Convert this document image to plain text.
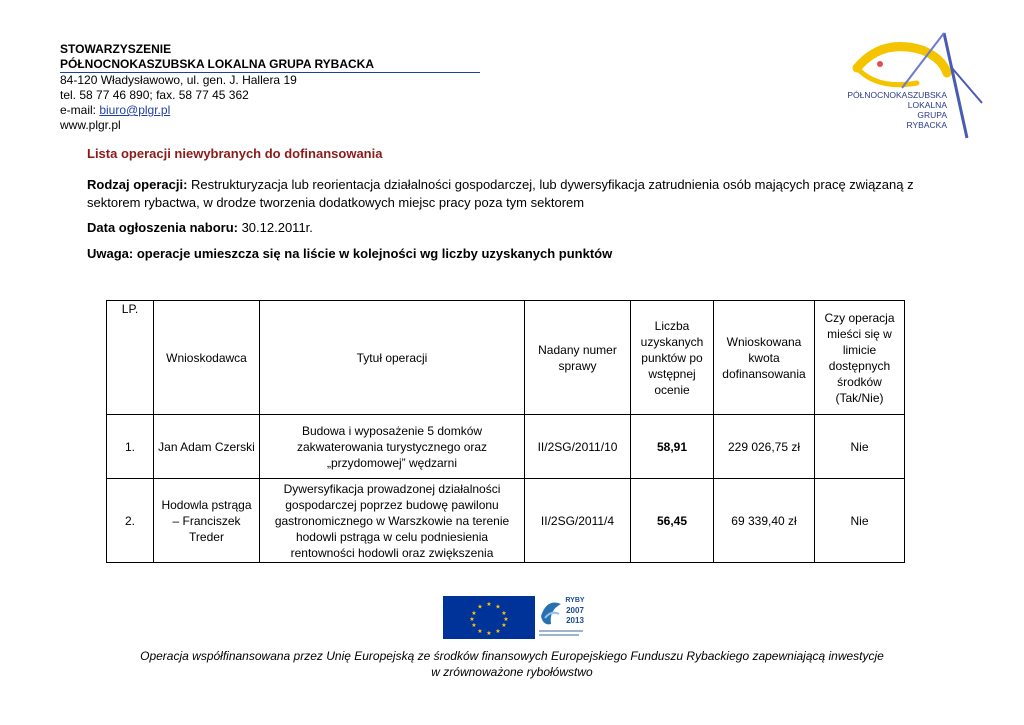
STOWARZYSZENIE
PÓŁNOCNOKASZUBSKA LOKALNA GRUPA RYBACKA
84-120 Władysławowo, ul. gen. J. Hallera 19
tel. 58 77 46 890; fax. 58 77 45 362
e-mail: biuro@plgr.pl
www.plgr.pl
PÓŁNOCNOKASZUBSKA
LOKALNA
GRUPA
RYBACKA
Lista operacji niewybranych do dofinansowania
Rodzaj operacji: Restrukturyzacja lub reorientacja działalności gospodarczej, lub dywersyfikacja zatrudnienia osób mających pracę związaną z sektorem rybactwa, w drodze tworzenia dodatkowych miejsc pracy poza tym sektorem
Data ogłoszenia naboru: 30.12.2011r.
Uwaga: operacje umieszcza się na liście w kolejności wg liczby uzyskanych punktów
LP.	Wnioskodawca	Tytuł operacji	Nadany numer sprawy	Liczba uzyskanych punktów po wstępnej ocenie	Wnioskowana kwota dofinansowania	Czy operacja mieści się w limicie dostępnych środków (Tak/Nie)
1.	Jan Adam Czerski	Budowa i wyposażenie 5 domków zakwaterowania turystycznego oraz „przydomowej” wędzarni	II/2SG/2011/10	58,91	229 026,75 zł	Nie
2.	Hodowla pstrąga – Franciszek Treder	Dywersyfikacja prowadzonej działalności gospodarczej poprzez budowę pawilonu gastronomicznego w Warszkowie na terenie hodowli pstrąga w celu podniesienia rentowności hodowli oraz zwiększenia	II/2SG/2011/4	56,45	69 339,40 zł	Nie
★ ★
★
★
★
★
★
★
★
★
★
★
RYBY
2007
2013
Operacja współfinansowana przez Unię Europejską ze środków finansowych Europejskiego Funduszu Rybackiego zapewniającą inwestycje
w zrównoważone rybołówstwo
